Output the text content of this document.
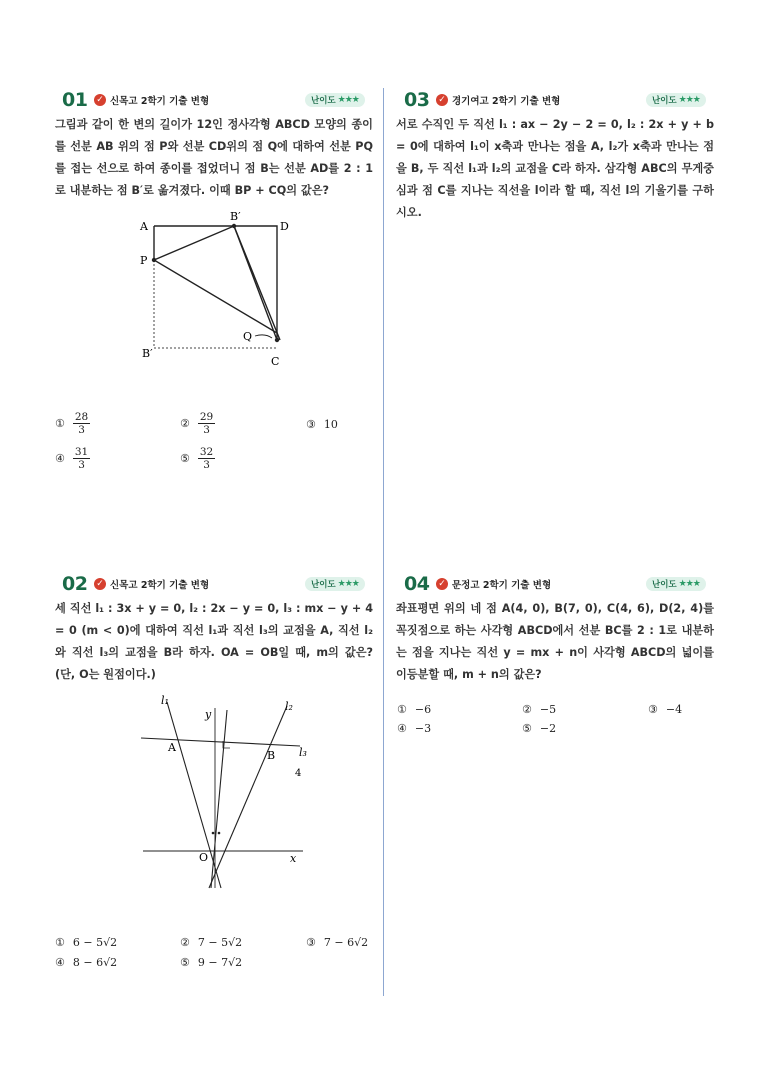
01 ✓ 신목고 2학기 기출 변형	난이도 ★★★
그림과 같이 한 변의 길이가 12인 정사각형 ABCD 모양의 종이를 선분 AB 위의 점 P와 선분 CD위의 점 Q에 대하여 선분 PQ를 접는 선으로 하여 종이를 접었더니 점 B는 선분 AD를 2 : 1로 내분하는 점 B′로 옮겨졌다. 이때 BP + CQ의 값은?
A
B′
D
P
Q
B′
C
① $\frac{28}{3}$	② $\frac{29}{3}$	③ 10
④ $\frac{31}{3}$	⑤ $\frac{32}{3}$
03 ✓ 경기여고 2학기 기출 변형	난이도 ★★★
서로 수직인 두 직선 l₁ : ax − 2y − 2 = 0, l₂ : 2x + y + b = 0에 대하여 l₁이 x축과 만나는 점을 A, l₂가 x축과 만나는 점을 B, 두 직선 l₁과 l₂의 교점을 C라 하자. 삼각형 ABC의 무게중심과 점 C를 지나는 직선을 l이라 할 때, 직선 l의 기울기를 구하시오.
02 ✓ 신목고 2학기 기출 변형	난이도 ★★★
세 직선 l₁ : 3x + y = 0, l₂ : 2x − y = 0, l₃ : mx − y + 4 = 0 (m < 0)에 대하여 직선 l₁과 직선 l₃의 교점을 A, 직선 l₂와 직선 l₃의 교점을 B라 하자. OA = OB일 때, m의 값은? (단, O는 원점이다.)
l₁	l₂
l₃
y
x
A
B
O
4
① 6 − 5√2	② 7 − 5√2	③ 7 − 6√2
④ 8 − 6√2	⑤ 9 − 7√2
04 ✓ 문정고 2학기 기출 변형	난이도 ★★★
좌표평면 위의 네 점 A(4, 0), B(7, 0), C(4, 6), D(2, 4)를 꼭짓점으로 하는 사각형 ABCD에서 선분 BC를 2 : 1로 내분하는 점을 지나는 직선 y = mx + n이 사각형 ABCD의 넓이를 이등분할 때, m + n의 값은?
① −6	② −5	③ −4
④ −3	⑤ −2
